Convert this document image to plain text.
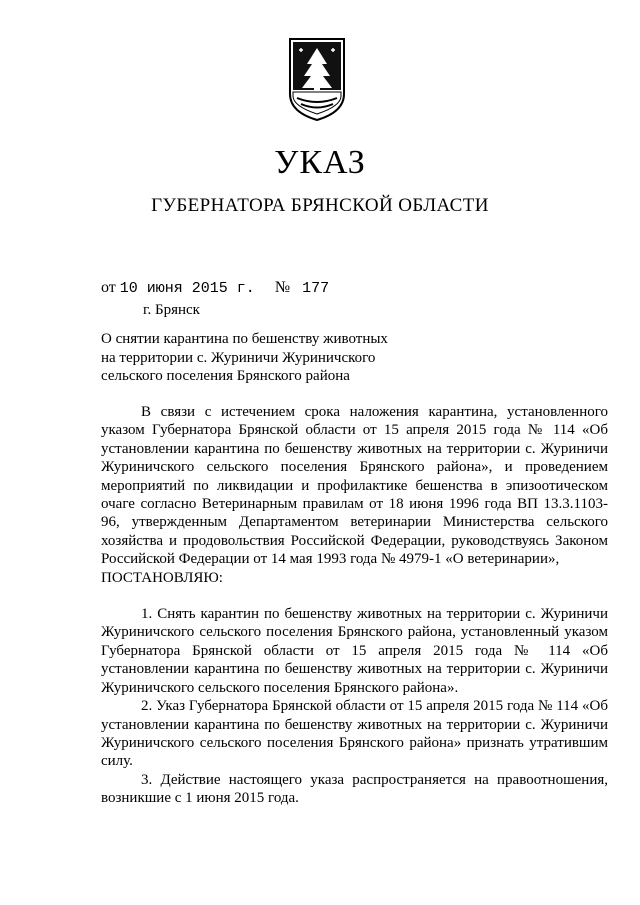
УКАЗ
ГУБЕРНАТОРА БРЯНСКОЙ ОБЛАСТИ
от 10 июня 2015 г. № 177
г. Брянск
О снятии карантина по бешенству животных
на территории с. Журиничи Журиничского
сельского поселения Брянского района

В связи с истечением срока наложения карантина, установленного указом Губернатора Брянской области от 15 апреля 2015 года № 114 «Об установлении карантина по бешенству животных на территории с. Журиничи Журиничского сельского поселения Брянского района», и проведением мероприятий по ликвидации и профилактике бешенства в эпизоотическом очаге согласно Ветеринарным правилам от 18 июня 1996 года ВП 13.3.1103-96, утвержденным Департаментом ветеринарии Министерства сельского хозяйства и продовольствия Российской Федерации, руководствуясь Законом Российской Федерации от 14 мая 1993 года № 4979-1 «О ветеринарии»,

ПОСТАНОВЛЯЮ:

1. Снять карантин по бешенству животных на территории с. Журиничи Журиничского сельского поселения Брянского района, установленный указом Губернатора Брянской области от 15 апреля 2015 года № 114 «Об установлении карантина по бешенству животных на территории с. Журиничи Журиничского сельского поселения Брянского района».

2. Указ Губернатора Брянской области от 15 апреля 2015 года № 114 «Об установлении карантина по бешенству животных на территории с. Журиничи Журиничского сельского поселения Брянского района» признать утратившим силу.

3. Действие настоящего указа распространяется на правоотношения, возникшие с 1 июня 2015 года.
